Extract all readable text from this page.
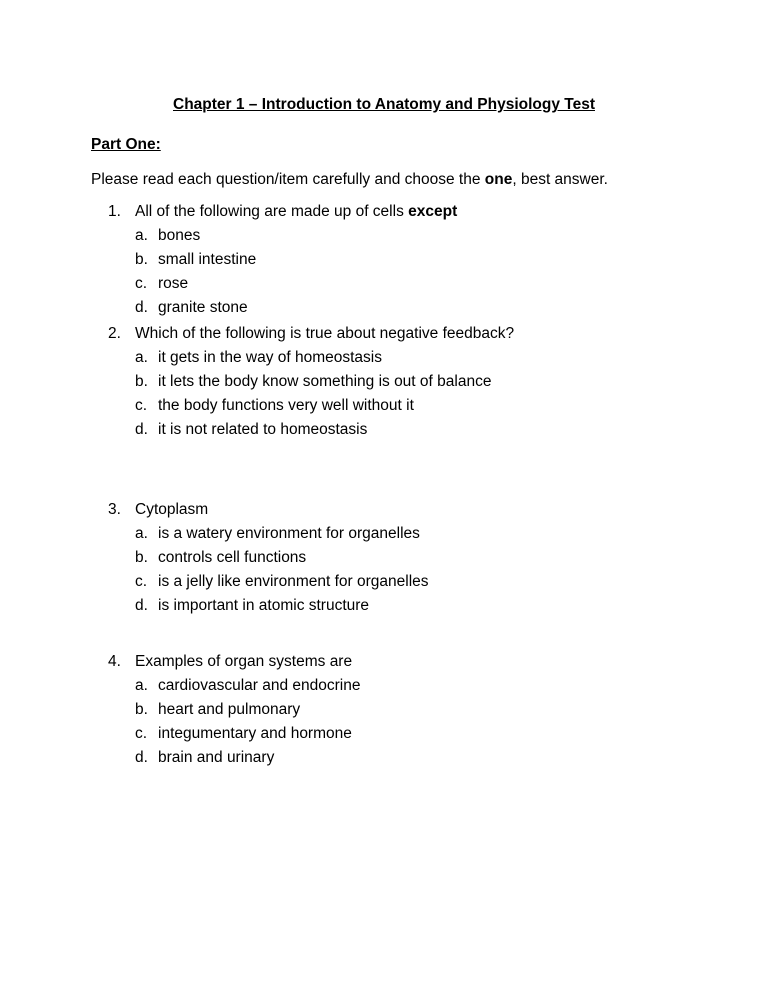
Chapter 1 – Introduction to Anatomy and Physiology Test
Part One:
Please read each question/item carefully and choose the one, best answer.
1. All of the following are made up of cells except
a. bones
b. small intestine
c. rose
d. granite stone
2. Which of the following is true about negative feedback?
a. it gets in the way of homeostasis
b. it lets the body know something is out of balance
c. the body functions very well without it
d. it is not related to homeostasis
3. Cytoplasm
a. is a watery environment for organelles
b. controls cell functions
c. is a jelly like environment for organelles
d. is important in atomic structure
4. Examples of organ systems are
a. cardiovascular and endocrine
b. heart and pulmonary
c. integumentary and hormone
d. brain and urinary
